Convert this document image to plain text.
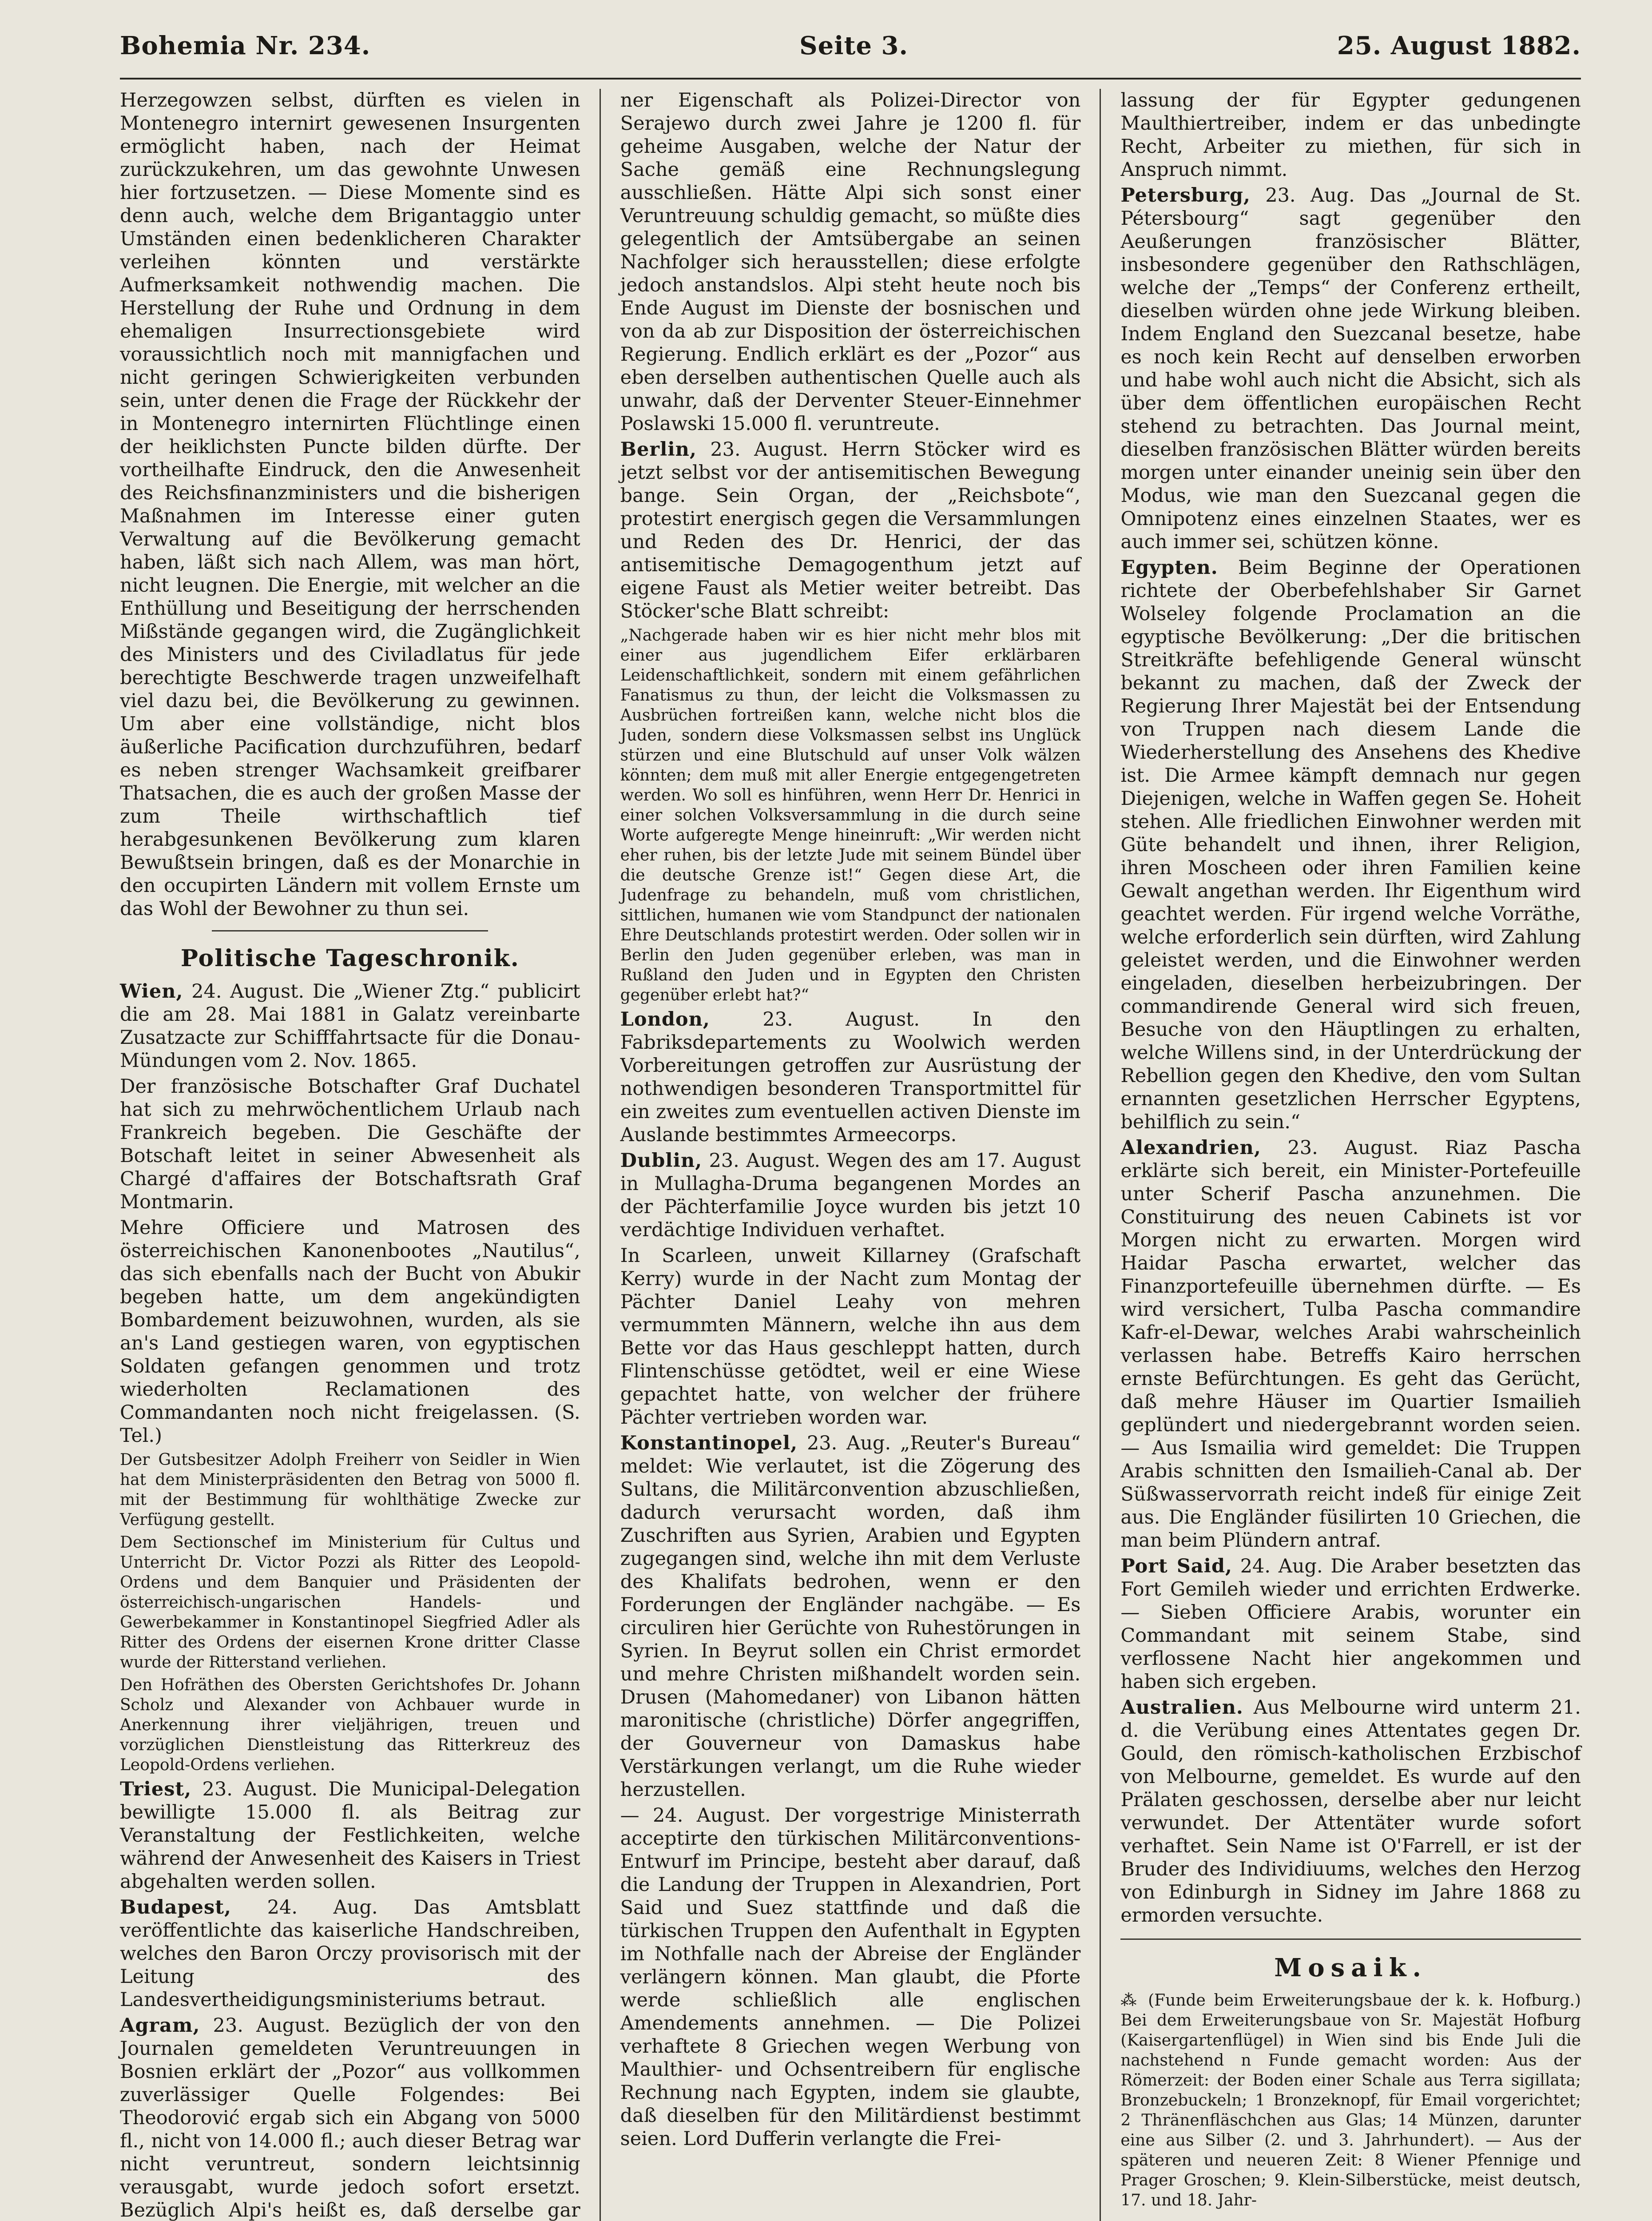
Bohemia Nr. 234.	Seite 3.	25. August 1882.

Herzegowzen selbst, dürften es vielen in Montenegro internirt gewesenen Insurgenten ermöglicht haben, nach der Heimat zurückzukehren, um das gewohnte Unwesen hier fortzusetzen. — Diese Momente sind es denn auch, welche dem Brigantaggio unter Umständen einen bedenklicheren Charakter verleihen könnten und verstärkte Aufmerksamkeit nothwendig machen. Die Herstellung der Ruhe und Ordnung in dem ehemaligen Insurrectionsgebiete wird voraussichtlich noch mit mannigfachen und nicht geringen Schwierigkeiten verbunden sein, unter denen die Frage der Rückkehr der in Montenegro internirten Flüchtlinge einen der heiklichsten Puncte bilden dürfte. Der vortheilhafte Eindruck, den die Anwesenheit des Reichsfinanzministers und die bisherigen Maßnahmen im Interesse einer guten Verwaltung auf die Bevölkerung gemacht haben, läßt sich nach Allem, was man hört, nicht leugnen. Die Energie, mit welcher an die Enthüllung und Beseitigung der herrschenden Mißstände gegangen wird, die Zugänglichkeit des Ministers und des Civiladlatus für jede berechtigte Beschwerde tragen unzweifelhaft viel dazu bei, die Bevölkerung zu gewinnen. Um aber eine vollständige, nicht blos äußerliche Pacification durchzuführen, bedarf es neben strenger Wachsamkeit greifbarer Thatsachen, die es auch der großen Masse der zum Theile wirthschaftlich tief herabgesunkenen Bevölkerung zum klaren Bewußtsein bringen, daß es der Monarchie in den occupirten Ländern mit vollem Ernste um das Wohl der Bewohner zu thun sei.

Politische Tageschronik.

Wien, 24. August. Die „Wiener Ztg.“ publicirt die am 28. Mai 1881 in Galatz vereinbarte Zusatzacte zur Schifffahrtsacte für die Donau-Mündungen vom 2. Nov. 1865.

Der französische Botschafter Graf Duchatel hat sich zu mehrwöchentlichem Urlaub nach Frankreich begeben. Die Geschäfte der Botschaft leitet in seiner Abwesenheit als Chargé d'affaires der Botschaftsrath Graf Montmarin.

Mehre Officiere und Matrosen des österreichischen Kanonenbootes „Nautilus“, das sich ebenfalls nach der Bucht von Abukir begeben hatte, um dem angekündigten Bombardement beizuwohnen, wurden, als sie an's Land gestiegen waren, von egyptischen Soldaten gefangen genommen und trotz wiederholten Reclamationen des Commandanten noch nicht freigelassen. (S. Tel.)

Der Gutsbesitzer Adolph Freiherr von Seidler in Wien hat dem Ministerpräsidenten den Betrag von 5000 fl. mit der Bestimmung für wohlthätige Zwecke zur Verfügung gestellt.

Dem Sectionschef im Ministerium für Cultus und Unterricht Dr. Victor Pozzi als Ritter des Leopold-Ordens und dem Banquier und Präsidenten der österreichisch-ungarischen Handels- und Gewerbekammer in Konstantinopel Siegfried Adler als Ritter des Ordens der eisernen Krone dritter Classe wurde der Ritterstand verliehen.

Den Hofräthen des Obersten Gerichtshofes Dr. Johann Scholz und Alexander von Achbauer wurde in Anerkennung ihrer vieljährigen, treuen und vorzüglichen Dienstleistung das Ritterkreuz des Leopold-Ordens verliehen.

Triest, 23. August. Die Municipal-Delegation bewilligte 15.000 fl. als Beitrag zur Veranstaltung der Festlichkeiten, welche während der Anwesenheit des Kaisers in Triest abgehalten werden sollen.

Budapest, 24. Aug. Das Amtsblatt veröffentlichte das kaiserliche Handschreiben, welches den Baron Orczy provisorisch mit der Leitung des Landesvertheidigungsministeriums betraut.

Agram, 23. August. Bezüglich der von den Journalen gemeldeten Veruntreuungen in Bosnien erklärt der „Pozor“ aus vollkommen zuverlässiger Quelle Folgendes: Bei Theodorović ergab sich ein Abgang von 5000 fl., nicht von 14.000 fl.; auch dieser Betrag war nicht veruntreut, sondern leichtsinnig verausgabt, wurde jedoch sofort ersetzt. Bezüglich Alpi's heißt es, daß derselbe gar

ner Eigenschaft als Polizei-Director von Serajewo durch zwei Jahre je 1200 fl. für geheime Ausgaben, welche der Natur der Sache gemäß eine Rechnungslegung ausschließen. Hätte Alpi sich sonst einer Veruntreuung schuldig gemacht, so müßte dies gelegentlich der Amtsübergabe an seinen Nachfolger sich herausstellen; diese erfolgte jedoch anstandslos. Alpi steht heute noch bis Ende August im Dienste der bosnischen und von da ab zur Disposition der österreichischen Regierung. Endlich erklärt es der „Pozor“ aus eben derselben authentischen Quelle auch als unwahr, daß der Derventer Steuer-Einnehmer Poslawski 15.000 fl. veruntreute.

Berlin, 23. August. Herrn Stöcker wird es jetzt selbst vor der antisemitischen Bewegung bange. Sein Organ, der „Reichsbote“, protestirt energisch gegen die Versammlungen und Reden des Dr. Henrici, der das antisemitische Demagogenthum jetzt auf eigene Faust als Metier weiter betreibt. Das Stöcker'sche Blatt schreibt:

„Nachgerade haben wir es hier nicht mehr blos mit einer aus jugendlichem Eifer erklärbaren Leidenschaftlichkeit, sondern mit einem gefährlichen Fanatismus zu thun, der leicht die Volksmassen zu Ausbrüchen fortreißen kann, welche nicht blos die Juden, sondern diese Volksmassen selbst ins Unglück stürzen und eine Blutschuld auf unser Volk wälzen könnten; dem muß mit aller Energie entgegengetreten werden. Wo soll es hinführen, wenn Herr Dr. Henrici in einer solchen Volksversammlung in die durch seine Worte aufgeregte Menge hineinruft: „Wir werden nicht eher ruhen, bis der letzte Jude mit seinem Bündel über die deutsche Grenze ist!“ Gegen diese Art, die Judenfrage zu behandeln, muß vom christlichen, sittlichen, humanen wie vom Standpunct der nationalen Ehre Deutschlands protestirt werden. Oder sollen wir in Berlin den Juden gegenüber erleben, was man in Rußland den Juden und in Egypten den Christen gegenüber erlebt hat?“

London,	23. August. In den Fabriksdepartements zu Woolwich werden Vorbereitungen getroffen zur Ausrüstung der nothwendigen besonderen Transportmittel für ein zweites zum eventuellen activen Dienste im Auslande bestimmtes Armeecorps.

Dublin, 23. August. Wegen des am 17. August in Mullagha-Druma begangenen Mordes an der Pächterfamilie Joyce wurden bis jetzt 10 verdächtige Individuen verhaftet.

In Scarleen, unweit Killarney (Grafschaft Kerry) wurde in der Nacht zum Montag der Pächter Daniel Leahy von mehren vermummten Männern, welche ihn aus dem Bette vor das Haus geschleppt hatten, durch Flintenschüsse getödtet, weil er eine Wiese gepachtet hatte, von welcher der frühere Pächter vertrieben worden war.

Konstantinopel, 23. Aug. „Reuter's Bureau“ meldet: Wie verlautet, ist die Zögerung des Sultans, die Militärconvention abzuschließen, dadurch verursacht worden, daß ihm Zuschriften aus Syrien, Arabien und Egypten zugegangen sind, welche ihn mit dem Verluste des Khalifats bedrohen, wenn er den Forderungen der Engländer nachgäbe. — Es circuliren hier Gerüchte von Ruhestörungen in Syrien. In Beyrut sollen ein Christ ermordet und mehre Christen mißhandelt worden sein. Drusen (Mahomedaner) von Libanon hätten maronitische (christliche) Dörfer angegriffen, der Gouverneur von Damaskus habe Verstärkungen verlangt, um die Ruhe wieder herzustellen.

— 24. August. Der vorgestrige Ministerrath acceptirte den türkischen Militärconventions-Entwurf im Principe, besteht aber darauf, daß die Landung der Truppen in Alexandrien, Port Said und Suez stattfinde und daß die türkischen Truppen den Aufenthalt in Egypten im Nothfalle nach der Abreise der Engländer verlängern können. Man glaubt, die Pforte werde schließlich alle englischen Amendements annehmen. — Die Polizei verhaftete 8 Griechen wegen Werbung von Maulthier- und Ochsentreibern für englische Rechnung nach Egypten, indem sie glaubte, daß dieselben für den Militärdienst bestimmt seien. Lord Dufferin verlangte die Frei-

lassung der für Egypter gedungenen Maulthiertreiber, indem er das unbedingte Recht, Arbeiter zu miethen, für sich in Anspruch nimmt.

Petersburg, 23. Aug. Das „Journal de St. Pétersbourg“ sagt gegenüber den Aeußerungen französischer Blätter, insbesondere gegenüber den Rathschlägen, welche der „Temps“ der Conferenz ertheilt, dieselben würden ohne jede Wirkung bleiben. Indem England den Suezcanal besetze, habe es noch kein Recht auf denselben erworben und habe wohl auch nicht die Absicht, sich als über dem öffentlichen europäischen Recht stehend zu betrachten. Das Journal meint, dieselben französischen Blätter würden bereits morgen unter einander uneinig sein über den Modus, wie man den Suezcanal gegen die Omnipotenz eines einzelnen Staates, wer es auch immer sei, schützen könne.

Egypten. Beim Beginne der Operationen richtete der Oberbefehlshaber Sir Garnet Wolseley folgende Proclamation an die egyptische Bevölkerung: „Der die britischen Streitkräfte befehligende General wünscht bekannt zu machen, daß der Zweck der Regierung Ihrer Majestät bei der Entsendung von Truppen nach diesem Lande die Wiederherstellung des Ansehens des Khedive ist. Die Armee kämpft demnach nur gegen Diejenigen, welche in Waffen gegen Se. Hoheit stehen. Alle friedlichen Einwohner werden mit Güte behandelt und ihnen, ihrer Religion, ihren Moscheen oder ihren Familien keine Gewalt angethan werden. Ihr Eigenthum wird geachtet werden. Für irgend welche Vorräthe, welche erforderlich sein dürften, wird Zahlung geleistet werden, und die Einwohner werden eingeladen, dieselben herbeizubringen. Der commandirende General wird sich freuen, Besuche von den Häuptlingen zu erhalten, welche Willens sind, in der Unterdrückung der Rebellion gegen den Khedive, den vom Sultan ernannten gesetzlichen Herrscher Egyptens, behilflich zu sein.“

Alexandrien, 23. August. Riaz Pascha erklärte sich bereit, ein Minister-Portefeuille unter Scherif Pascha anzunehmen. Die Constituirung des neuen Cabinets ist vor Morgen nicht zu erwarten. Morgen wird Haidar Pascha erwartet, welcher das Finanzportefeuille übernehmen dürfte. — Es wird versichert, Tulba Pascha commandire Kafr-el-Dewar, welches Arabi wahrscheinlich verlassen habe. Betreffs Kairo herrschen ernste Befürchtungen. Es geht das Gerücht, daß mehre Häuser im Quartier Ismailieh geplündert und niedergebrannt worden seien. — Aus Ismailia wird gemeldet: Die Truppen Arabis schnitten den Ismailieh-Canal ab. Der Süßwasservorrath reicht indeß für einige Zeit aus. Die Engländer füsilirten 10 Griechen, die man beim Plündern antraf.

Port Said, 24. Aug. Die Araber besetzten das Fort Gemileh wieder und errichten Erdwerke. — Sieben Officiere Arabis, worunter ein Commandant mit seinem Stabe, sind verflossene Nacht hier angekommen und haben sich ergeben.

Australien. Aus Melbourne wird unterm 21. d. die Verübung eines Attentates gegen Dr. Gould, den römisch-katholischen Erzbischof von Melbourne, gemeldet. Es wurde auf den Prälaten geschossen, derselbe aber nur leicht verwundet. Der Attentäter wurde sofort verhaftet. Sein Name ist O'Farrell, er ist der Bruder des Individiuums, welches den Herzog von Edinburgh in Sidney im Jahre 1868 zu ermorden versuchte.

Mosaik.

⁂ (Funde beim Erweiterungsbaue der k. k. Hofburg.) Bei dem Erweiterungsbaue von Sr. Majestät Hofburg (Kaisergartenflügel) in Wien sind bis Ende Juli die nachstehend n Funde gemacht worden: Aus der Römerzeit: der Boden einer Schale aus Terra sigillata; Bronzebuckeln; 1 Bronzeknopf, für Email vorgerichtet; 2 Thränenfläschchen aus Glas; 14 Münzen, darunter eine aus Silber (2. und 3. Jahrhundert). — Aus der späteren und neueren Zeit: 8 Wiener Pfennige und Prager Groschen; 9. Klein-Silberstücke, meist deutsch, 17. und 18. Jahr-
